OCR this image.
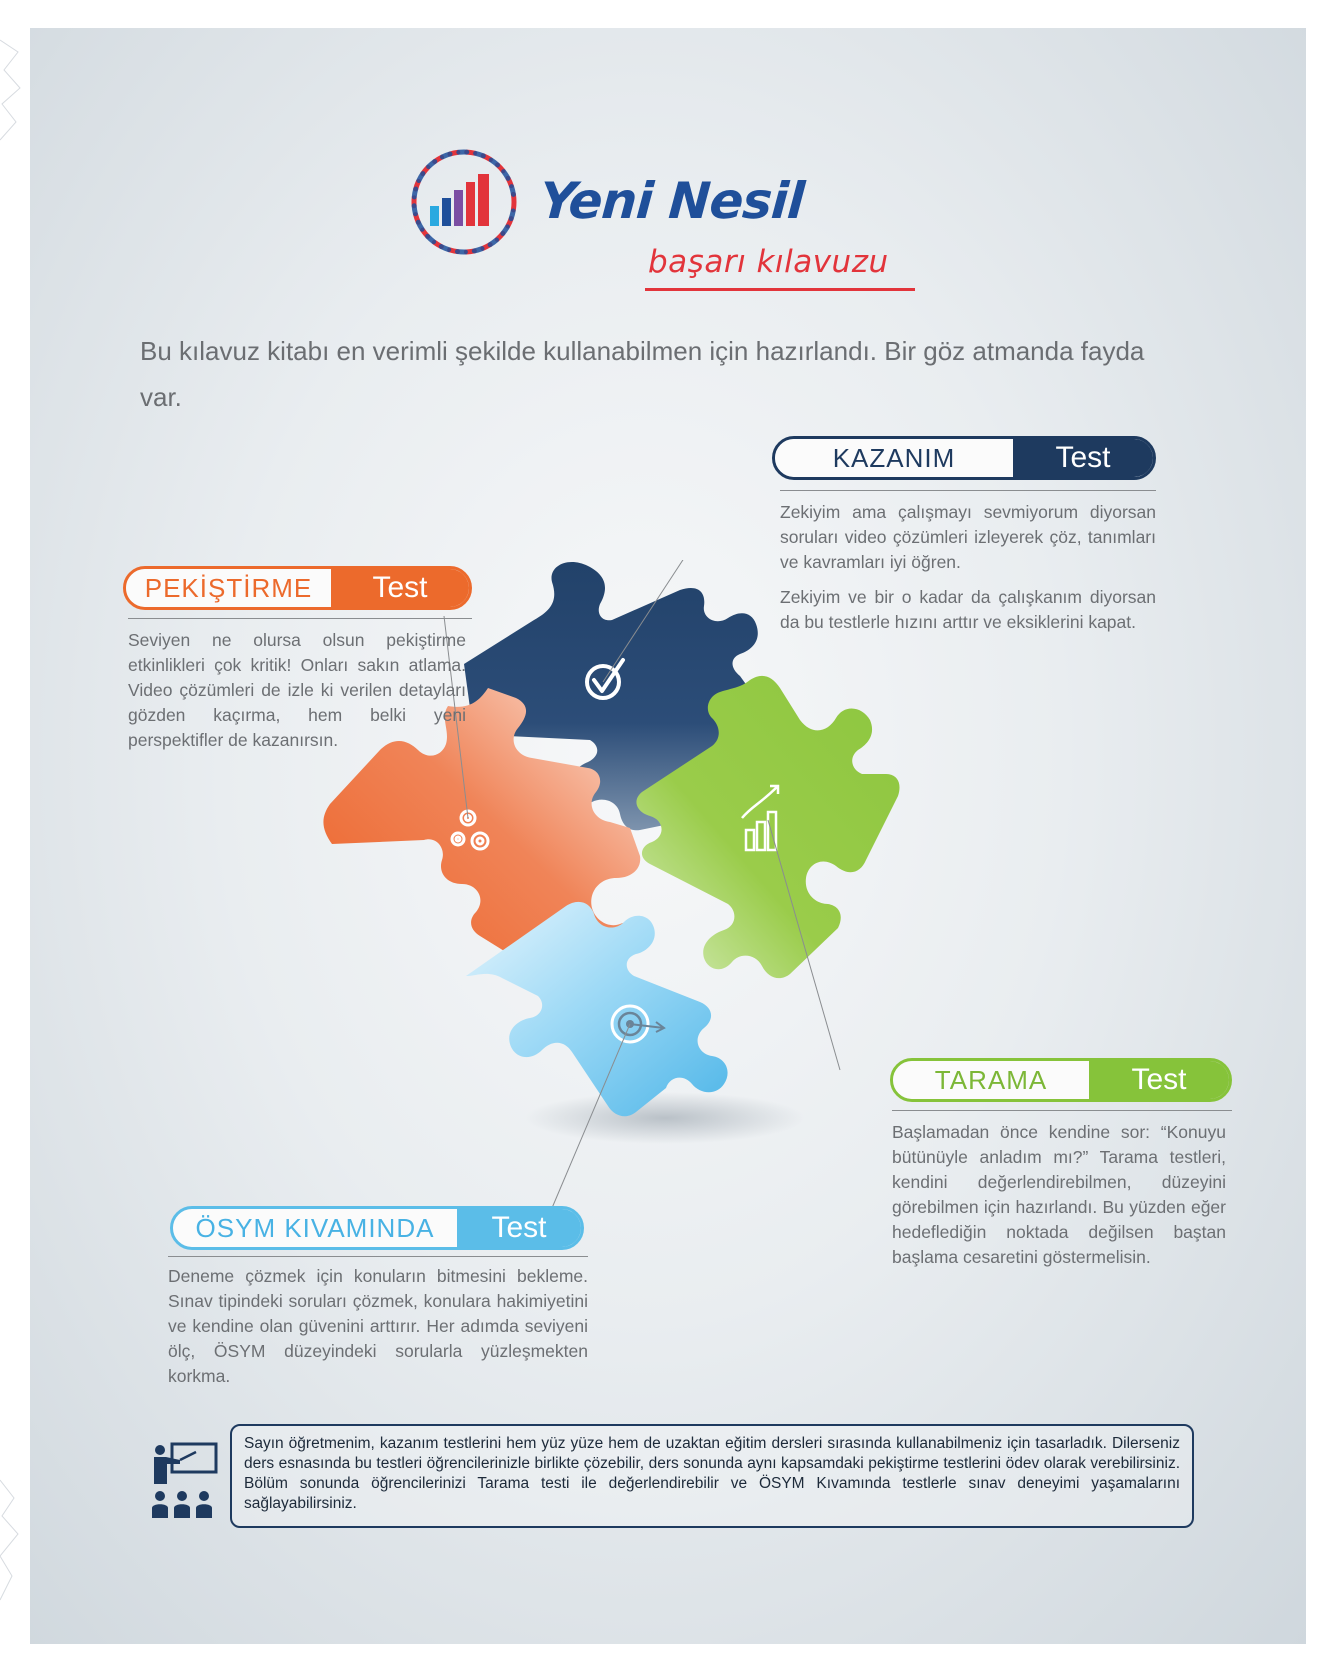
Yeni Nesil
başarı kılavuzu

Bu kılavuz kitabı en verimli şekilde kullanabilmen için hazırlandı. Bir göz atmanda fayda var.

KAZANIM	Test

Zekiyim ama çalışmayı sevmiyorum diyorsan soruları video çözümleri izleyerek çöz, tanımları ve kavramları iyi öğren.

Zekiyim ve bir o kadar da çalışkanım diyorsan da bu testlerle hızını arttır ve eksiklerini kapat.

PEKİŞTİRME	Test
Seviyen ne olursa olsun pekiştirme etkinlikleri çok kritik! Onları sakın atlama. Video çözümleri de izle ki verilen detayları gözden kaçırma, hem belki yeni perspektifler de kazanırsın.
TARAMA	Test
Başlamadan önce kendine sor: “Konuyu bütünüyle anladım mı?” Tarama testleri, kendini değerlendirebilmen, düzeyini görebilmen için hazırlandı. Bu yüzden eğer hedeflediğin noktada değilsen baştan başlama cesaretini göstermelisin.
ÖSYM KIVAMINDA	Test
Deneme çözmek için konuların bitmesini bekleme. Sınav tipindeki soruları çözmek, konulara hakimiyetini ve kendine olan güvenini arttırır. Her adımda seviyeni ölç, ÖSYM düzeyindeki sorularla yüzleşmekten korkma.

Sayın öğretmenim, kazanım testlerini hem yüz yüze hem de uzaktan eğitim dersleri sırasında kullanabilmeniz için tasarladık. Dilerseniz ders esnasında bu testleri öğrencilerinizle birlikte çözebilir, ders sonunda aynı kapsamdaki pekiştirme testlerini ödev olarak verebilirsiniz. Bölüm sonunda öğrencilerinizi Tarama testi ile değerlendirebilir ve ÖSYM Kıvamında testlerle sınav deneyimi yaşamalarını sağlayabilirsiniz.
